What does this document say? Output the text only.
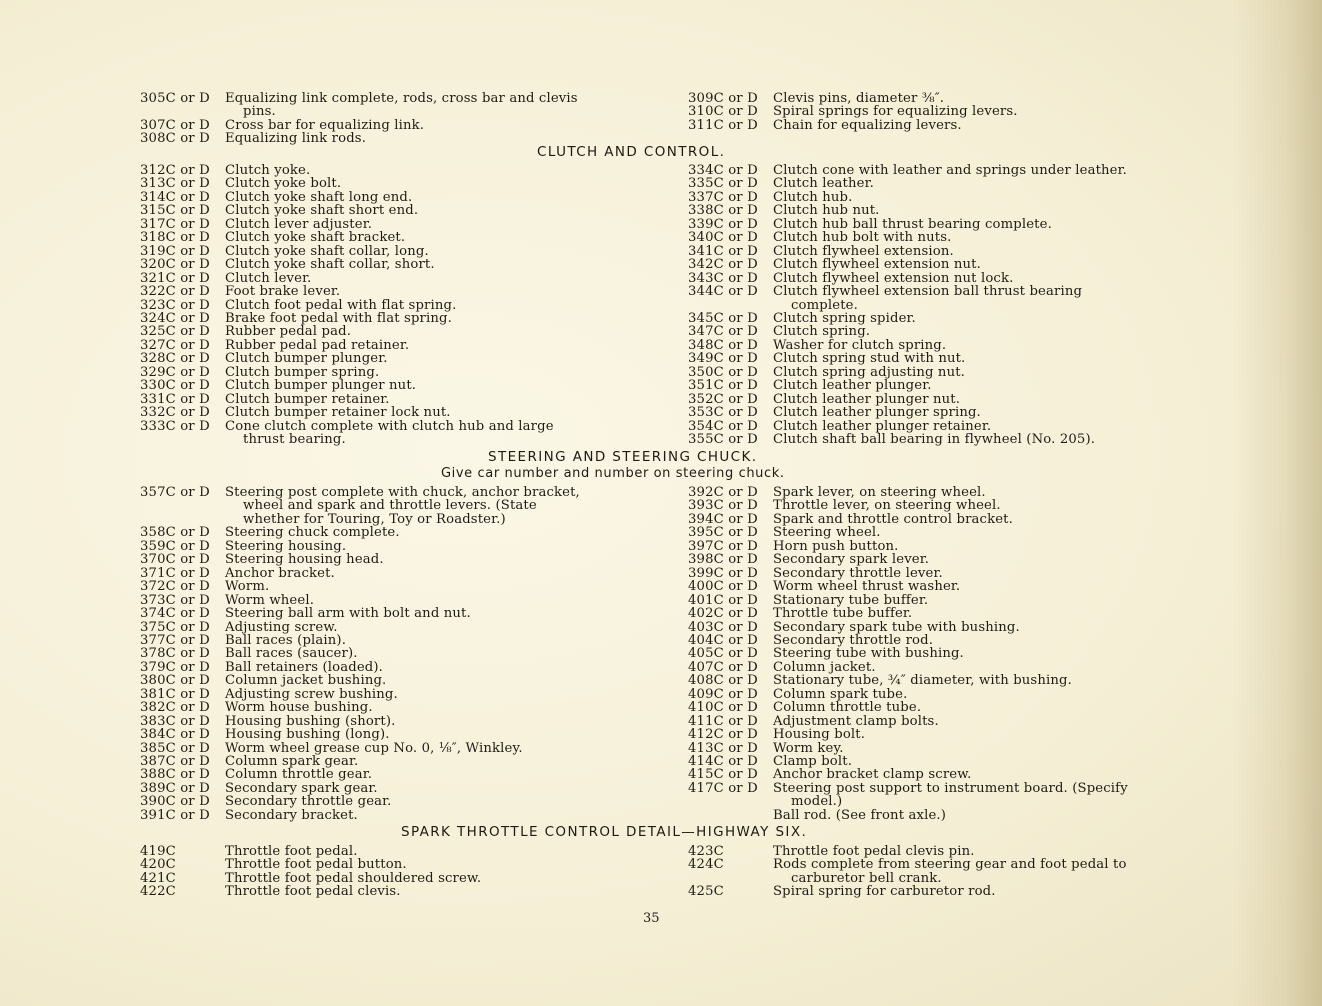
305C or D Equalizing link complete, rods, cross bar and clevis
pins.
307C or D Cross bar for equalizing link.
308C or D Equalizing link rods.
309C or D Clevis pins, diameter ⅜″.
310C or D Spiral springs for equalizing levers.
311C or D Chain for equalizing levers.
CLUTCH AND CONTROL.
312C or D Clutch yoke.
313C or D Clutch yoke bolt.
314C or D Clutch yoke shaft long end.
315C or D Clutch yoke shaft short end.
317C or D Clutch lever adjuster.
318C or D Clutch yoke shaft bracket.
319C or D Clutch yoke shaft collar, long.
320C or D Clutch yoke shaft collar, short.
321C or D Clutch lever.
322C or D Foot brake lever.
323C or D Clutch foot pedal with flat spring.
324C or D Brake foot pedal with flat spring.
325C or D Rubber pedal pad.
327C or D Rubber pedal pad retainer.
328C or D Clutch bumper plunger.
329C or D Clutch bumper spring.
330C or D Clutch bumper plunger nut.
331C or D Clutch bumper retainer.
332C or D Clutch bumper retainer lock nut.
333C or D Cone clutch complete with clutch hub and large
thrust bearing.
334C or D Clutch cone with leather and springs under leather.
335C or D Clutch leather.
337C or D Clutch hub.
338C or D Clutch hub nut.
339C or D Clutch hub ball thrust bearing complete.
340C or D Clutch hub bolt with nuts.
341C or D Clutch flywheel extension.
342C or D Clutch flywheel extension nut.
343C or D Clutch flywheel extension nut lock.
344C or D Clutch flywheel extension ball thrust bearing
complete.
345C or D Clutch spring spider.
347C or D Clutch spring.
348C or D Washer for clutch spring.
349C or D Clutch spring stud with nut.
350C or D Clutch spring adjusting nut.
351C or D Clutch leather plunger.
352C or D Clutch leather plunger nut.
353C or D Clutch leather plunger spring.
354C or D Clutch leather plunger retainer.
355C or D Clutch shaft ball bearing in flywheel (No. 205).
STEERING AND STEERING CHUCK.
Give car number and number on steering chuck.
357C or D Steering post complete with chuck, anchor bracket,
wheel and spark and throttle levers. (State
whether for Touring, Toy or Roadster.)
358C or D Steering chuck complete.
359C or D Steering housing.
370C or D Steering housing head.
371C or D Anchor bracket.
372C or D Worm.
373C or D Worm wheel.
374C or D Steering ball arm with bolt and nut.
375C or D Adjusting screw.
377C or D Ball races (plain).
378C or D Ball races (saucer).
379C or D Ball retainers (loaded).
380C or D Column jacket bushing.
381C or D Adjusting screw bushing.
382C or D Worm house bushing.
383C or D Housing bushing (short).
384C or D Housing bushing (long).
385C or D Worm wheel grease cup No. 0, ⅛″, Winkley.
387C or D Column spark gear.
388C or D Column throttle gear.
389C or D Secondary spark gear.
390C or D Secondary throttle gear.
391C or D Secondary bracket.
392C or D Spark lever, on steering wheel.
393C or D Throttle lever, on steering wheel.
394C or D Spark and throttle control bracket.
395C or D Steering wheel.
397C or D Horn push button.
398C or D Secondary spark lever.
399C or D Secondary throttle lever.
400C or D Worm wheel thrust washer.
401C or D Stationary tube buffer.
402C or D Throttle tube buffer.
403C or D Secondary spark tube with bushing.
404C or D Secondary throttle rod.
405C or D Steering tube with bushing.
407C or D Column jacket.
408C or D Stationary tube, ¾″ diameter, with bushing.
409C or D Column spark tube.
410C or D Column throttle tube.
411C or D Adjustment clamp bolts.
412C or D Housing bolt.
413C or D Worm key.
414C or D Clamp bolt.
415C or D Anchor bracket clamp screw.
417C or D Steering post support to instrument board. (Specify
model.)
Ball rod. (See front axle.)
SPARK THROTTLE CONTROL DETAIL—HIGHWAY SIX.
419C	Throttle foot pedal.
420C	Throttle foot pedal button.
421C	Throttle foot pedal shouldered screw.
422C	Throttle foot pedal clevis.
423C	Throttle foot pedal clevis pin.
424C	Rods complete from steering gear and foot pedal to
carburetor bell crank.
425C	Spiral spring for carburetor rod.
35
